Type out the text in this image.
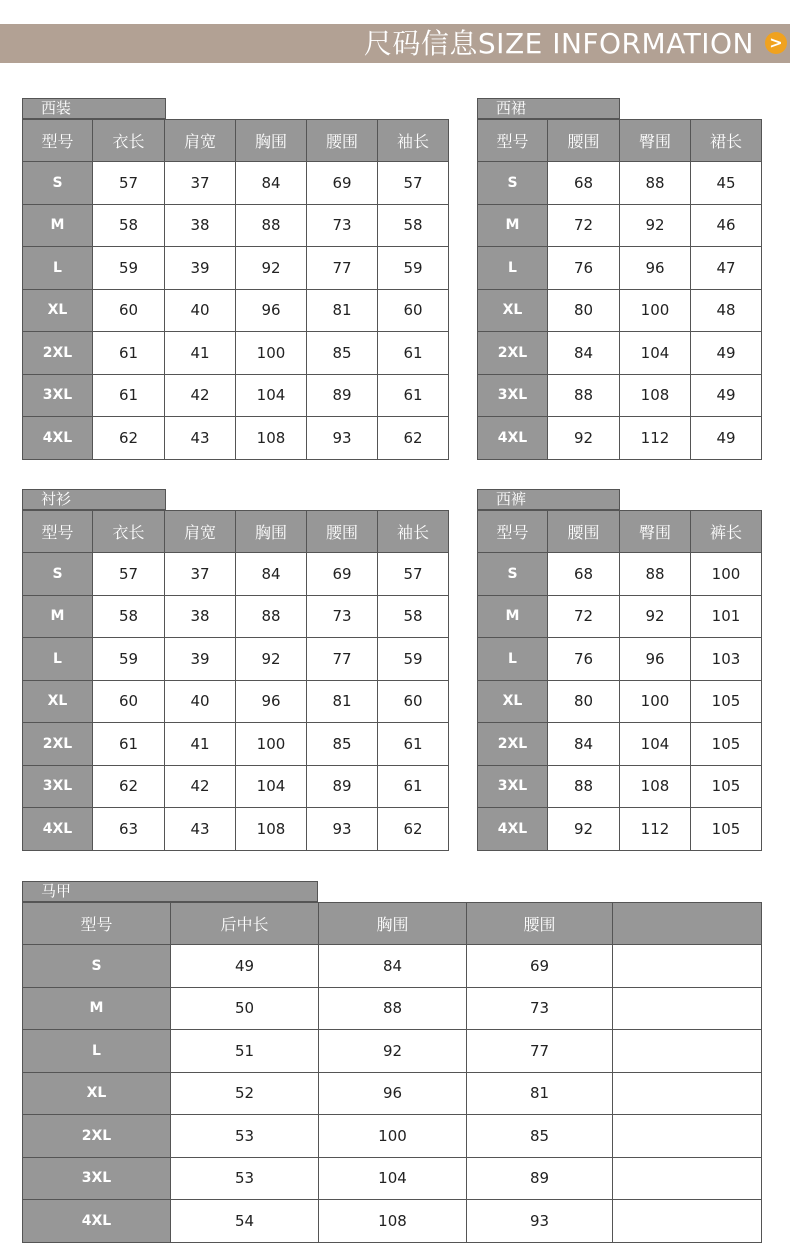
尺码信息SIZE INFORMATION >
西装
型号	衣长	肩宽	胸围	腰围	袖长
S	57	37	84	69	57
M	58	38	88	73	58
L	59	39	92	77	59
XL	60	40	96	81	60
2XL	61	41	100	85	61
3XL	61	42	104	89	61
4XL	62	43	108	93	62
西裙
型号	腰围	臀围	裙长
S	68	88	45
M	72	92	46
L	76	96	47
XL	80	100	48
2XL	84	104	49
3XL	88	108	49
4XL	92	112	49
衬衫
型号	衣长	肩宽	胸围	腰围	袖长
S	57	37	84	69	57
M	58	38	88	73	58
L	59	39	92	77	59
XL	60	40	96	81	60
2XL	61	41	100	85	61
3XL	62	42	104	89	61
4XL	63	43	108	93	62
西裤
型号	腰围	臀围	裤长
S	68	88	100
M	72	92	101
L	76	96	103
XL	80	100	105
2XL	84	104	105
3XL	88	108	105
4XL	92	112	105
马甲
型号	后中长	胸围	腰围	
S	49	84	69	
M	50	88	73	
L	51	92	77	
XL	52	96	81	
2XL	53	100	85	
3XL	53	104	89	
4XL	54	108	93	
